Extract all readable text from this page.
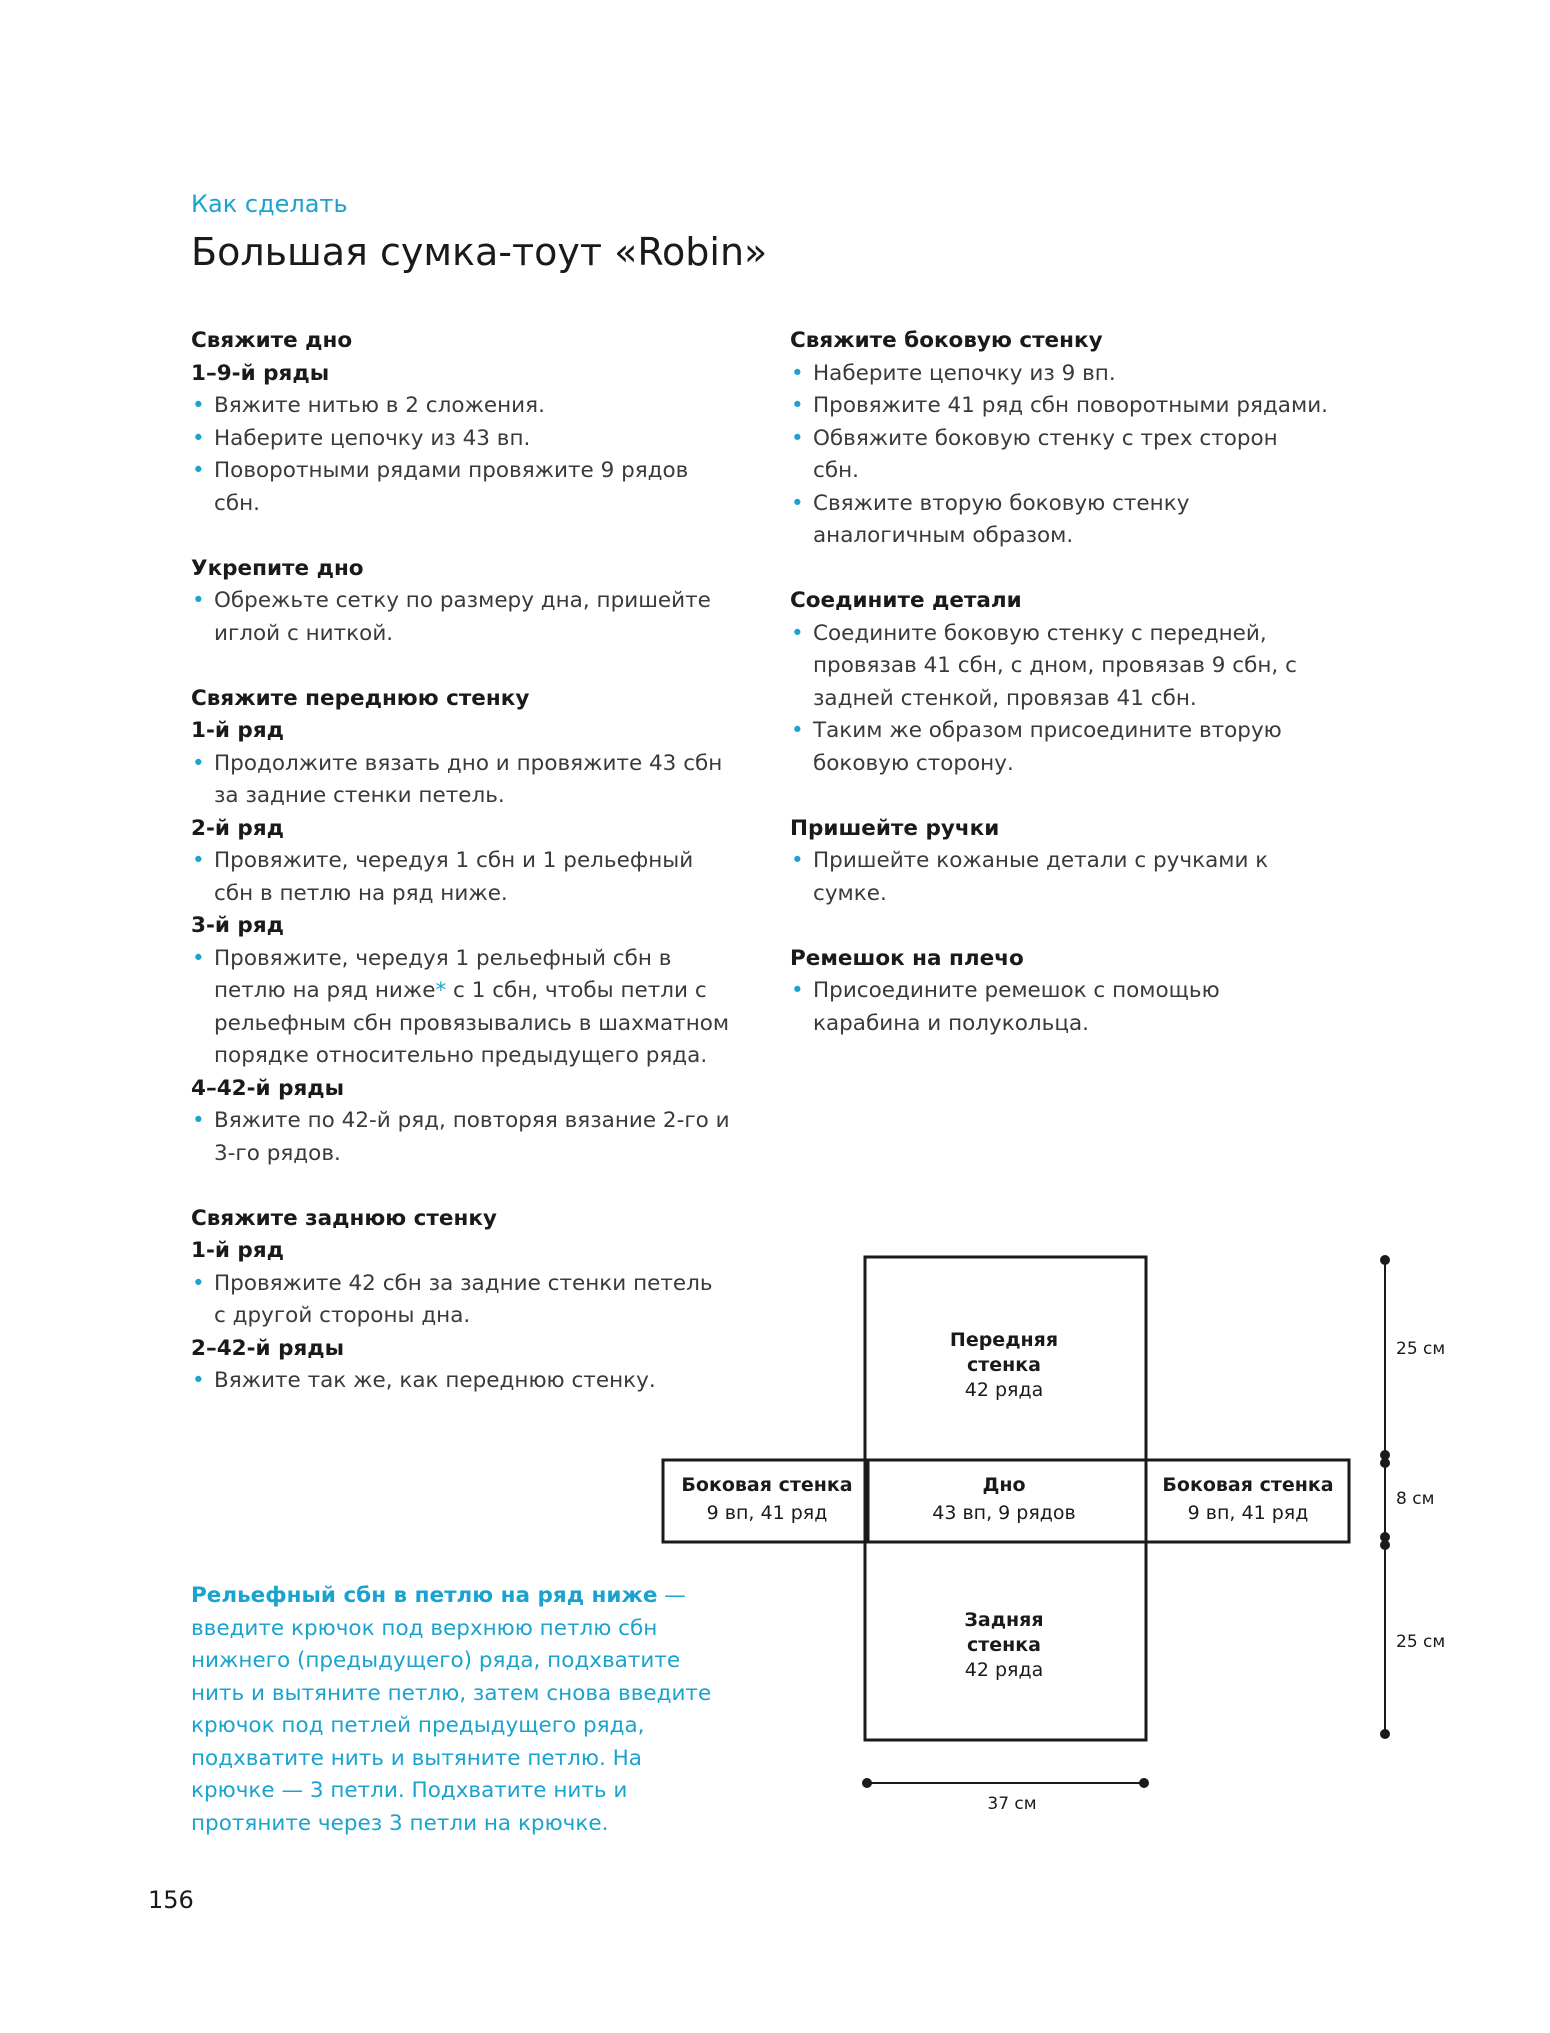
Как сделать
Большая сумка-тоут «Robin»
Свяжите дно
1–9-й ряды
• Вяжите нитью в 2 сложения.
• Наберите цепочку из 43 вп.
• Поворотными рядами провяжите 9 рядов сбн.
Укрепите дно
• Обрежьте сетку по размеру дна, пришейте иглой с ниткой.
Свяжите переднюю стенку
1-й ряд
• Продолжите вязать дно и провяжите 43 сбн за задние стенки петель.
2-й ряд
• Провяжите, чередуя 1 сбн и 1 рельефный сбн в петлю на ряд ниже.
3-й ряд
• Провяжите, чередуя 1 рельефный сбн в петлю на ряд ниже* с 1 сбн, чтобы петли с рельефным сбн провязывались в шахматном порядке относительно предыдущего ряда.
4–42-й ряды
• Вяжите по 42-й ряд, повторяя вязание 2-го и 3-го рядов.
Свяжите заднюю стенку
1-й ряд
• Провяжите 42 сбн за задние стенки петель с другой стороны дна.
2–42-й ряды
• Вяжите так же, как переднюю стенку.
Свяжите боковую стенку
• Наберите цепочку из 9 вп.
• Провяжите 41 ряд сбн поворотными рядами.
• Обвяжите боковую стенку с трех сторон сбн.
• Свяжите вторую боковую стенку аналогичным образом.
Соедините детали
• Соедините боковую стенку с передней, провязав 41 сбн, с дном, провязав 9 сбн, с задней стенкой, провязав 41 сбн.
• Таким же образом присоедините вторую боковую сторону.
Пришейте ручки
• Пришейте кожаные детали с ручками к сумке.
Ремешок на плечо
• Присоедините ремешок с помощью карабина и полукольца.
Рельефный сбн в петлю на ряд ниже — введите крючок под верхнюю петлю сбн нижнего (предыдущего) ряда, подхватите нить и вытяните петлю, затем снова введите крючок под петлей предыдущего ряда, подхватите нить и вытяните петлю. На крючке — 3 петли. Подхватите нить и протяните через 3 петли на крючке.
Передняя
стенка
42 ряда
Дно
43 вп, 9 рядов
Боковая стенка
9 вп, 41 ряд
Боковая стенка
9 вп, 41 ряд
Задняя
стенка
42 ряда
25 см
8 см
25 см
37 см
156
